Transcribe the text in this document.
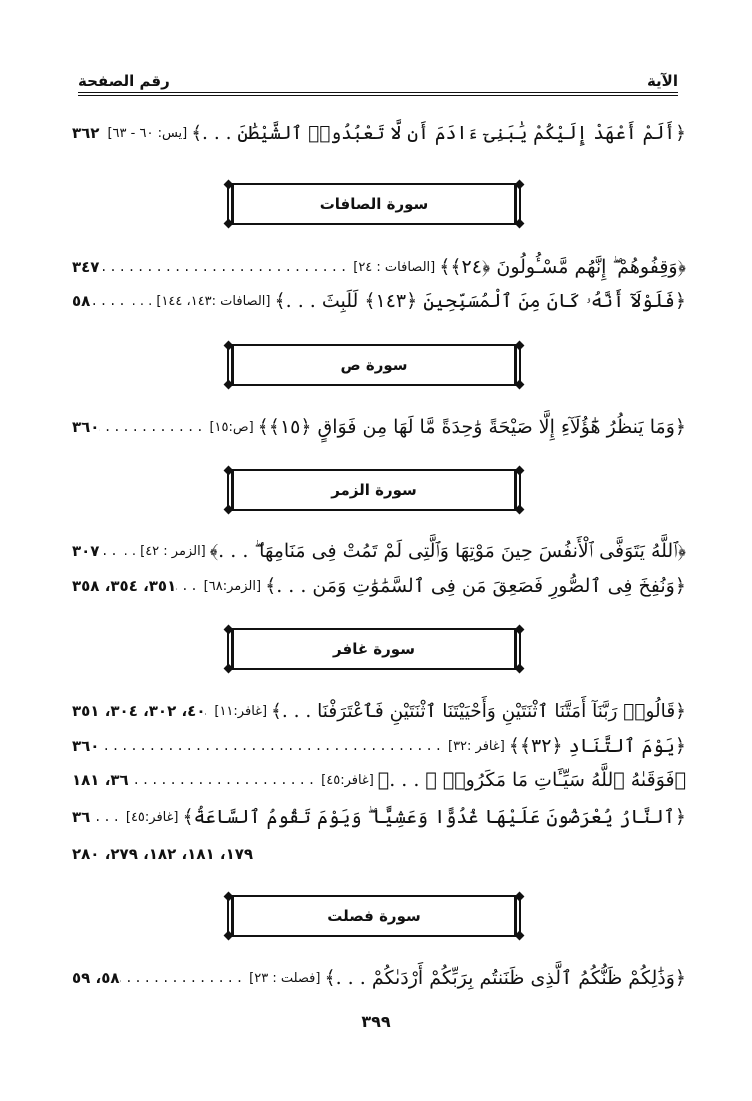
الآية
رقم الصفحة
﴿أَلَمْ أَعْهَدْ إِلَيْكُمْ يَٰبَنِىٓ ءَادَمَ أَن لَّا تَعْبُدُوا۟ ٱلشَّيْطَٰنَ . . .﴾
[يس: ٦٠ - ٦٣]
.....
٣٦٢
سورة الصافات
﴿وَقِفُوهُمْ ۖ إِنَّهُم مَّسْـُٔولُونَ ﴿٢٤﴾﴾
[الصافات : ٢٤]
.....
٣٤٧
﴿فَلَوْلَآ أَنَّهُۥ كَانَ مِنَ ٱلْمُسَبِّحِينَ ﴿١٤٣﴾ لَلَبِثَ . . .﴾
[الصافات :١٤٣، ١٤٤] . . .
.....
٥٨
سورة ص
﴿وَمَا يَنظُرُ هَٰٓؤُلَآءِ إِلَّا صَيْحَةً وَٰحِدَةً مَّا لَهَا مِن فَوَاقٍ ﴿١٥﴾﴾
[ص:١٥]
.....
٣٦٠
سورة الزمر
﴿ٱللَّهُ يَتَوَفَّى ٱلْأَنفُسَ حِينَ مَوْتِهَا وَٱلَّتِى لَمْ تَمُتْ فِى مَنَامِهَا ۖ . . .﴾
[الزمر : ٤٢] . .
.....
٣٠٧
﴿وَنُفِخَ فِى ٱلصُّورِ فَصَعِقَ مَن فِى ٱلسَّمَٰوَٰتِ وَمَن . . .﴾
[الزمر:٦٨]
.....
٣٥١، ٣٥٤، ٣٥٨
سورة غافر
﴿قَالُوا۟ رَبَّنَآ أَمَتَّنَا ٱثْنَتَيْنِ وَأَحْيَيْتَنَا ٱثْنَتَيْنِ فَٱعْتَرَفْنَا . . .﴾
[غافر:١١]
.....
٤٠، ٣٠٢، ٣٠٤، ٣٥١
﴿يَوْمَ ٱلتَّنَادِ ﴿٣٢﴾﴾
[غافر :٣٢]
.....
٣٦٠
﴿فَوَقَىٰهُ ٱللَّهُ سَيِّـَٔاتِ مَا مَكَرُوا۟ ۖ . . .﴾
[غافر:٤٥]
.....
٣٦، ١٨١
﴿ٱلنَّارُ يُعْرَضُونَ عَلَيْهَا غُدُوًّا وَعَشِيًّا ۖ وَيَوْمَ تَقُومُ ٱلسَّاعَةُ﴾
[غافر:٤٥]
.....
٣٦
١٧٩، ١٨١، ١٨٢، ٢٧٩، ٢٨٠
سورة فصلت
﴿وَذَٰلِكُمْ ظَنُّكُمُ ٱلَّذِى ظَنَنتُم بِرَبِّكُمْ أَرْدَىٰكُمْ . . .﴾
[فصلت : ٢٣]
.....
٥٨، ٥٩
٣٩٩
